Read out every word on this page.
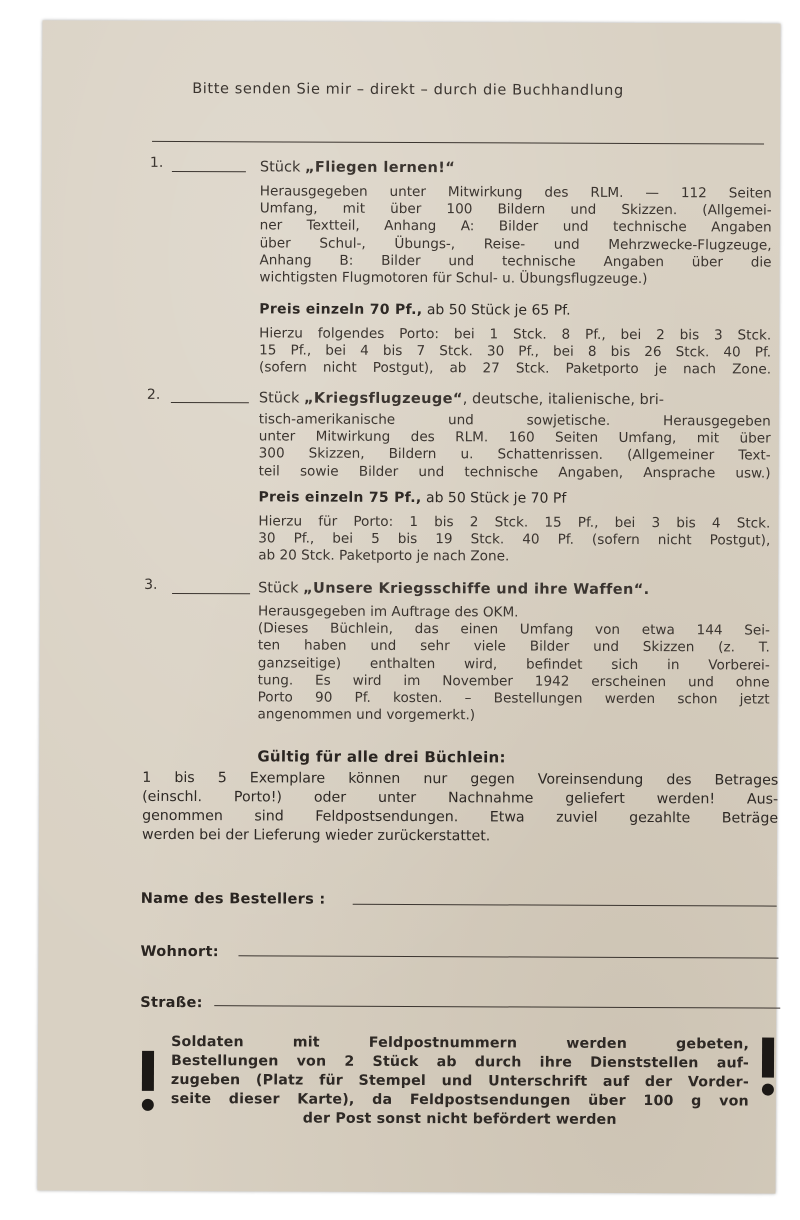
Bitte senden Sie mir – direkt – durch die Buchhandlung
1.	Stück „Fliegen lernen!“
Herausgegeben unter Mitwirkung des RLM. — 112 Seiten
Umfang, mit über 100 Bildern und Skizzen. (Allgemei-
ner Textteil, Anhang A: Bilder und technische Angaben
über Schul-, Übungs-, Reise- und Mehrzwecke-Flugzeuge,
Anhang B: Bilder und technische Angaben über die
wichtigsten Flugmotoren für Schul- u. Übungsflugzeuge.)
Preis einzeln 70 Pf., ab 50 Stück je 65 Pf.
Hierzu folgendes Porto: bei 1 Stck. 8 Pf., bei 2 bis 3 Stck.
15 Pf., bei 4 bis 7 Stck. 30 Pf., bei 8 bis 26 Stck. 40 Pf.
(sofern nicht Postgut), ab 27 Stck. Paketporto je nach Zone.
2.	Stück „Kriegsflugzeuge“, deutsche, italienische, bri-
tisch-amerikanische und sowjetische. Herausgegeben
unter Mitwirkung des RLM. 160 Seiten Umfang, mit über
300 Skizzen, Bildern u. Schattenrissen. (Allgemeiner Text-
teil sowie Bilder und technische Angaben, Ansprache usw.)
Preis einzeln 75 Pf., ab 50 Stück je 70 Pf
Hierzu für Porto: 1 bis 2 Stck. 15 Pf., bei 3 bis 4 Stck.
30 Pf., bei 5 bis 19 Stck. 40 Pf. (sofern nicht Postgut),
ab 20 Stck. Paketporto je nach Zone.
3.	Stück „Unsere Kriegsschiffe und ihre Waffen“.
Herausgegeben im Auftrage des OKM.
(Dieses Büchlein, das einen Umfang von etwa 144 Sei-
ten haben und sehr viele Bilder und Skizzen (z. T.
ganzseitige) enthalten wird, befindet sich in Vorberei-
tung. Es wird im November 1942 erscheinen und ohne
Porto 90 Pf. kosten. – Bestellungen werden schon jetzt
angenommen und vorgemerkt.)
Gültig für alle drei Büchlein:
1 bis 5 Exemplare können nur gegen Voreinsendung des Betrages
(einschl. Porto!) oder unter Nachnahme geliefert werden! Aus-
genommen sind Feldpostsendungen. Etwa zuviel gezahlte Beträge
werden bei der Lieferung wieder zurückerstattet.
Name des Bestellers :
Wohnort:
Straße:
Soldaten mit Feldpostnummern werden gebeten,
Bestellungen von 2 Stück ab durch ihre Dienststellen auf-
zugeben (Platz für Stempel und Unterschrift auf der Vorder-
seite dieser Karte), da Feldpostsendungen über 100 g von
der Post sonst nicht befördert werden
